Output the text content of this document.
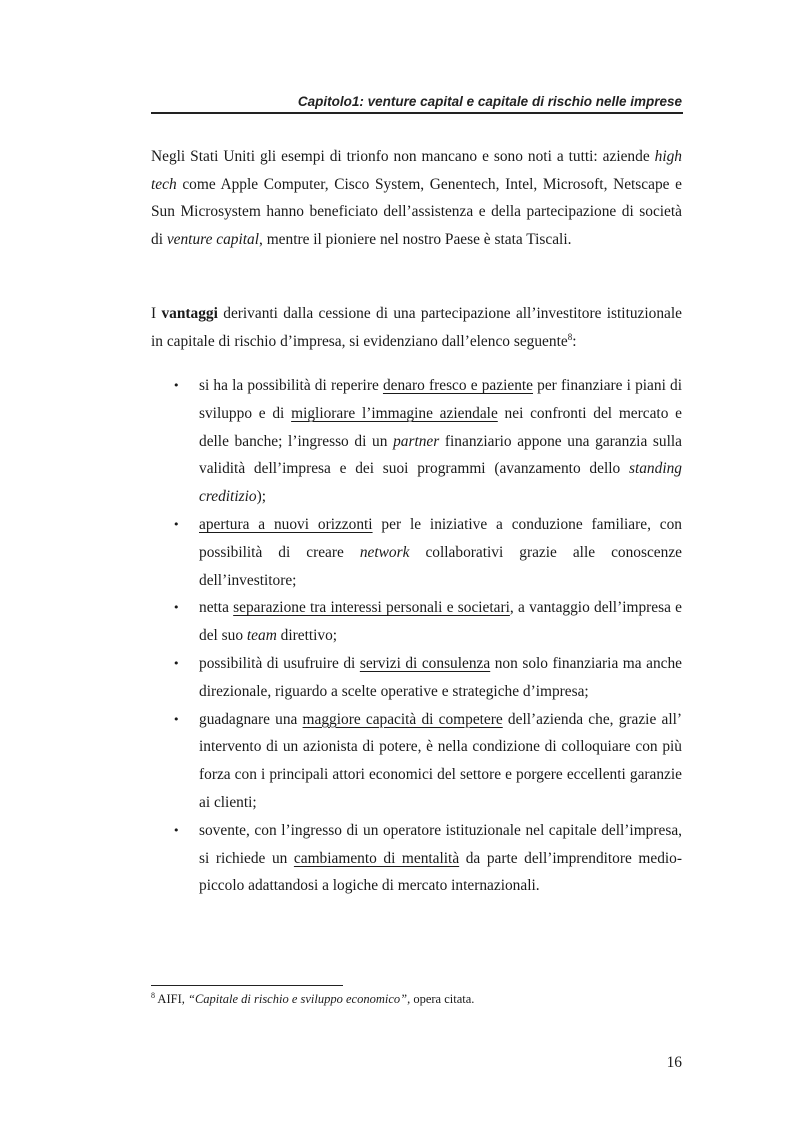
Capitolo1: venture capital e capitale di rischio nelle imprese

Negli Stati Uniti gli esempi di trionfo non mancano e sono noti a tutti: aziende high tech come Apple Computer, Cisco System, Genentech, Intel, Microsoft, Netscape e Sun Microsystem hanno beneficiato dell’assistenza e della partecipazione di società di venture capital, mentre il pioniere nel nostro Paese è stata Tiscali.

I vantaggi derivanti dalla cessione di una partecipazione all’investitore istituzionale in capitale di rischio d’impresa, si evidenziano dall’elenco seguente$^8$:

• si ha la possibilità di reperire denaro fresco e paziente per finanziare i piani di sviluppo e di migliorare l’immagine aziendale nei confronti del mercato e delle banche; l’ingresso di un partner finanziario appone una garanzia sulla validità dell’impresa e dei suoi programmi (avanzamento dello standing creditizio);
• apertura a nuovi orizzonti per le iniziative a conduzione familiare, con possibilità di creare network collaborativi grazie alle conoscenze dell’investitore;
• netta separazione tra interessi personali e societari, a vantaggio dell’impresa e del suo team direttivo;
• possibilità di usufruire di servizi di consulenza non solo finanziaria ma anche direzionale, riguardo a scelte operative e strategiche d’impresa;
• guadagnare una maggiore capacità di competere dell’azienda che, grazie all’ intervento di un azionista di potere, è nella condizione di colloquiare con più forza con i principali attori economici del settore e porgere eccellenti garanzie ai clienti;
• sovente, con l’ingresso di un operatore istituzionale nel capitale dell’impresa, si richiede un cambiamento di mentalità da parte dell’imprenditore medio-piccolo adattandosi a logiche di mercato internazionali.
$^8$ AIFI, “Capitale di rischio e sviluppo economico”, opera citata.
16
